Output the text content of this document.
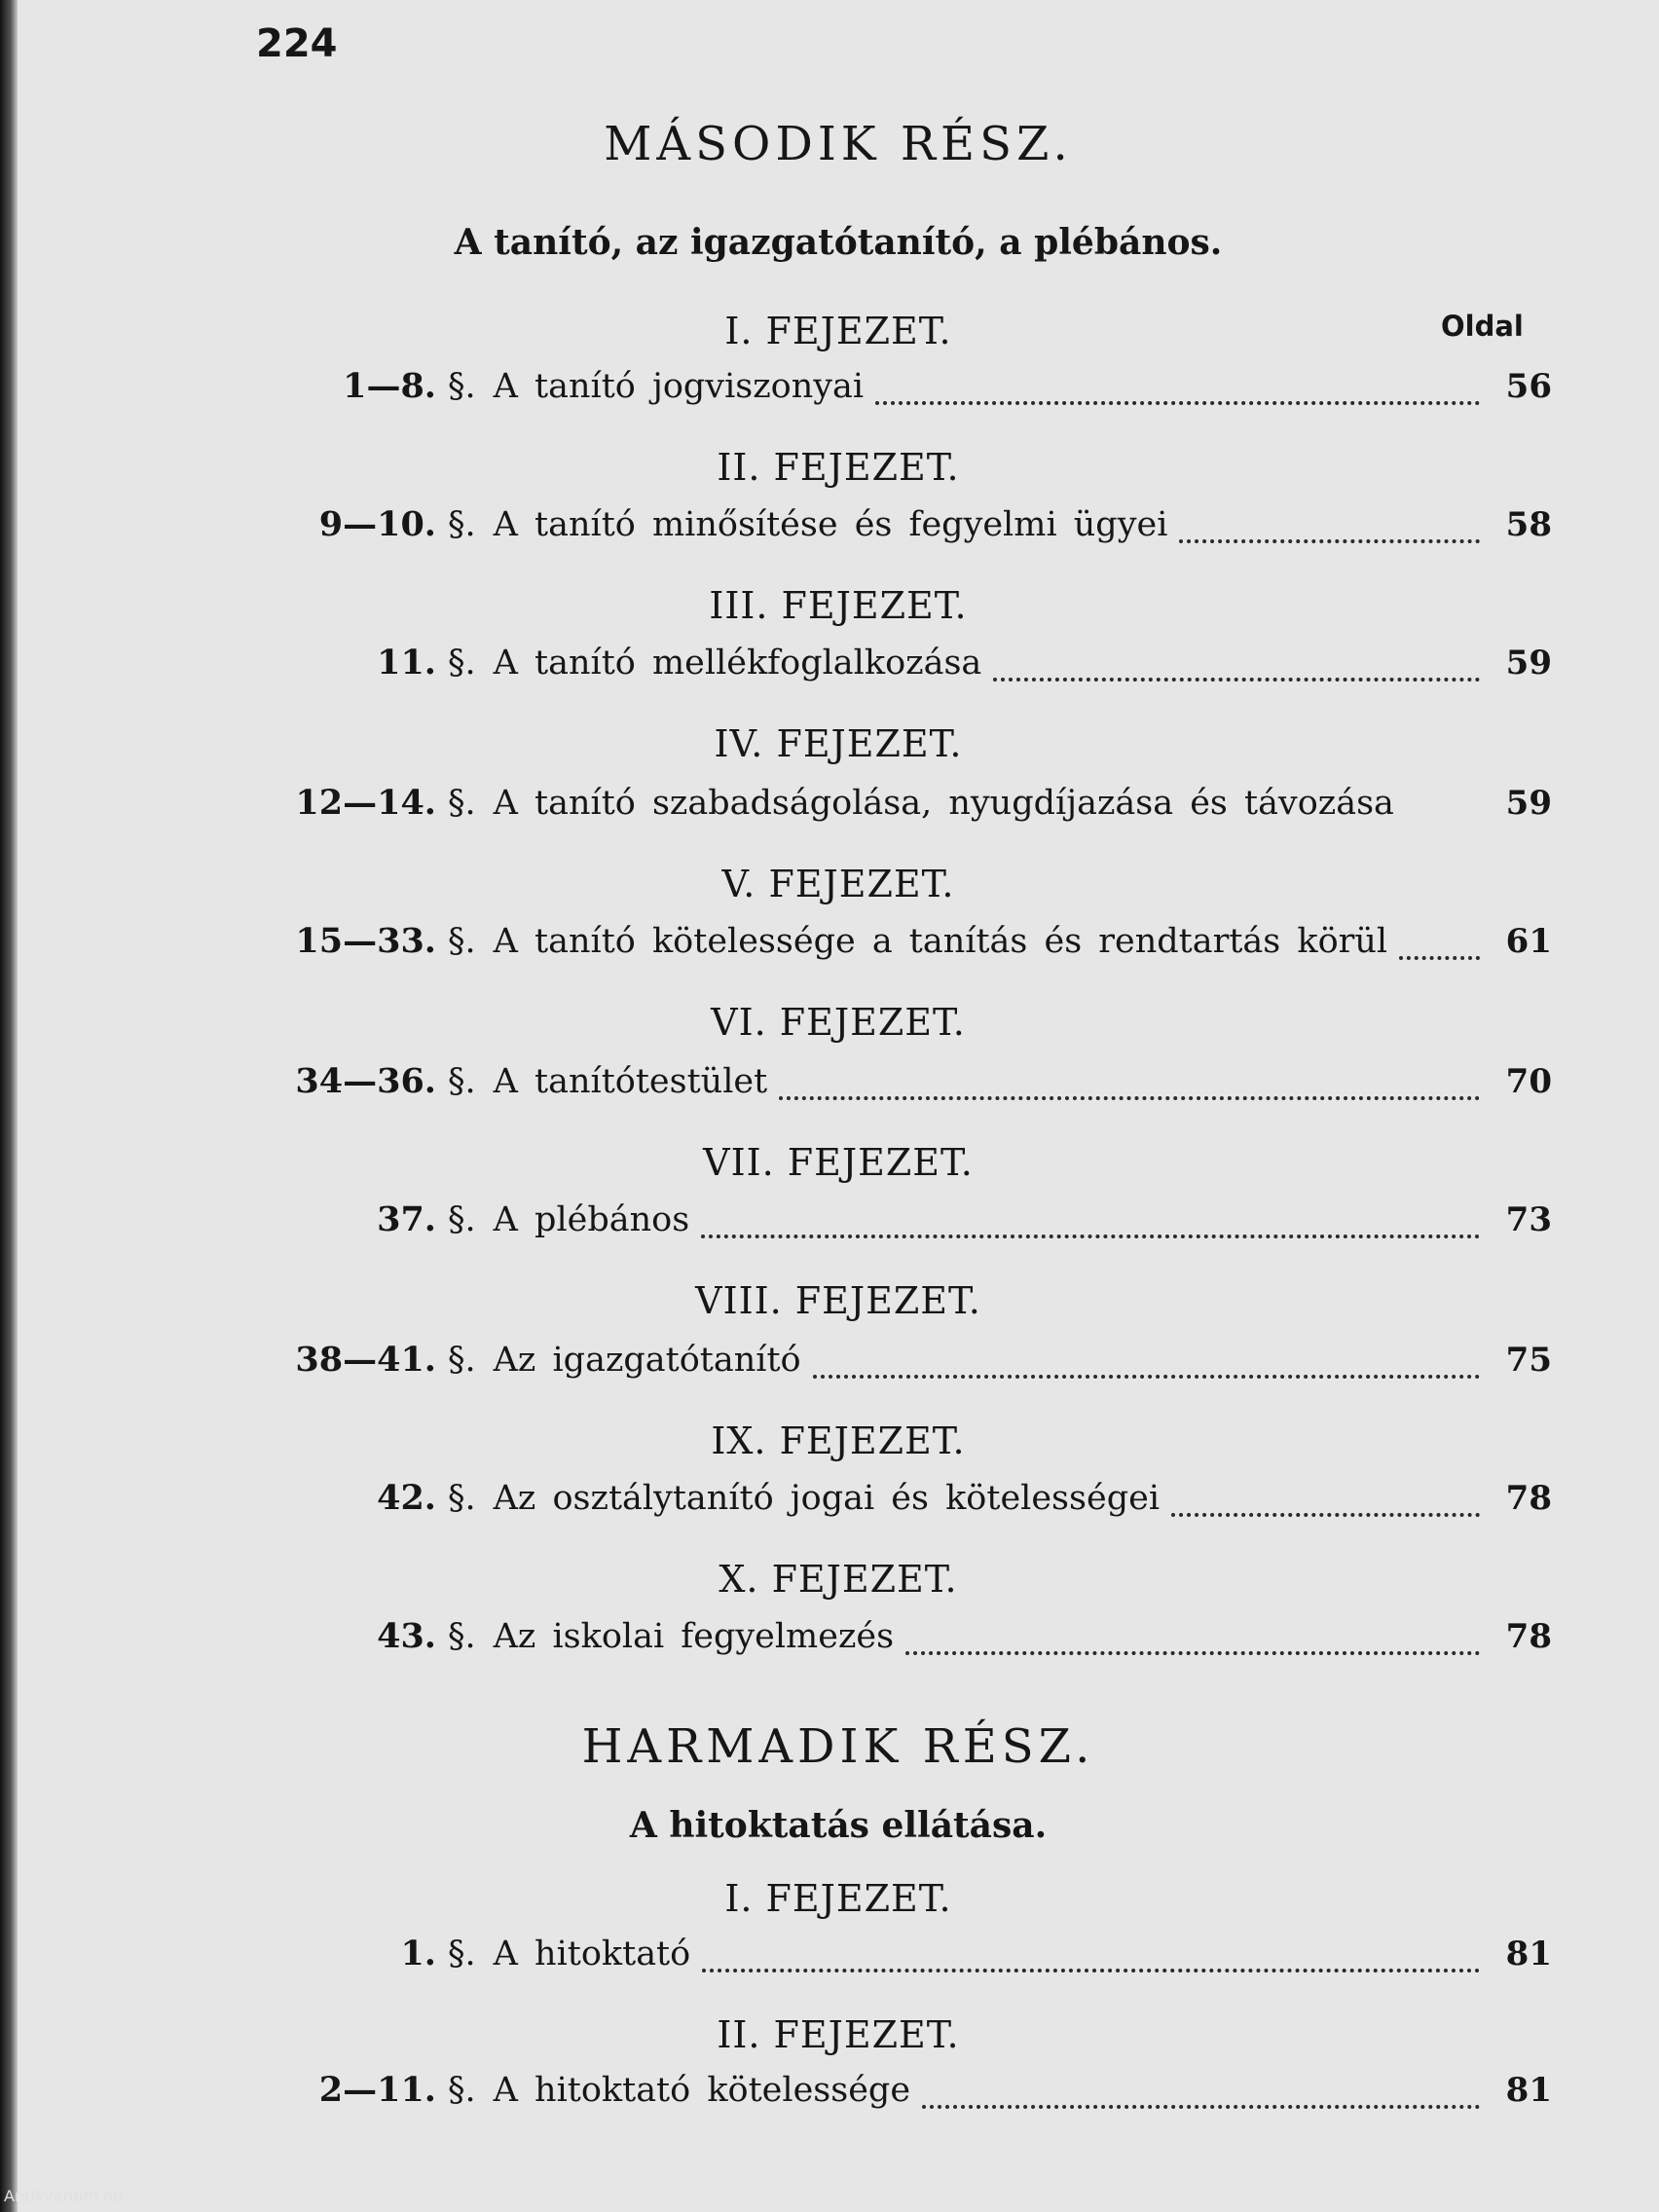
224
MÁSODIK RÉSZ.
A tanító, az igazgatótanító, a plébános.
Oldal
I. FEJEZET.
1—8. §. A tanító jogviszonyai	56
II. FEJEZET.
9—10. §. A tanító minősítése és fegyelmi ügyei	58
III. FEJEZET.
11. §. A tanító mellékfoglalkozása	59
IV. FEJEZET.
12—14. §. A tanító szabadságolása, nyugdíjazása és távozása	59
V. FEJEZET.
15—33. §. A tanító kötelessége a tanítás és rendtartás körül	61
VI. FEJEZET.
34—36. §. A tanítótestület	70
VII. FEJEZET.
37. §. A plébános	73
VIII. FEJEZET.
38—41. §. Az igazgatótanító	75
IX. FEJEZET.
42. §. Az osztálytanító jogai és kötelességei	78
X. FEJEZET.
43. §. Az iskolai fegyelmezés	78
HARMADIK RÉSZ.
A hitoktatás ellátása.
I. FEJEZET.
1. §. A hitoktató	81
II. FEJEZET.
2—11. §. A hitoktató kötelessége	81
Antikvarium.hu
